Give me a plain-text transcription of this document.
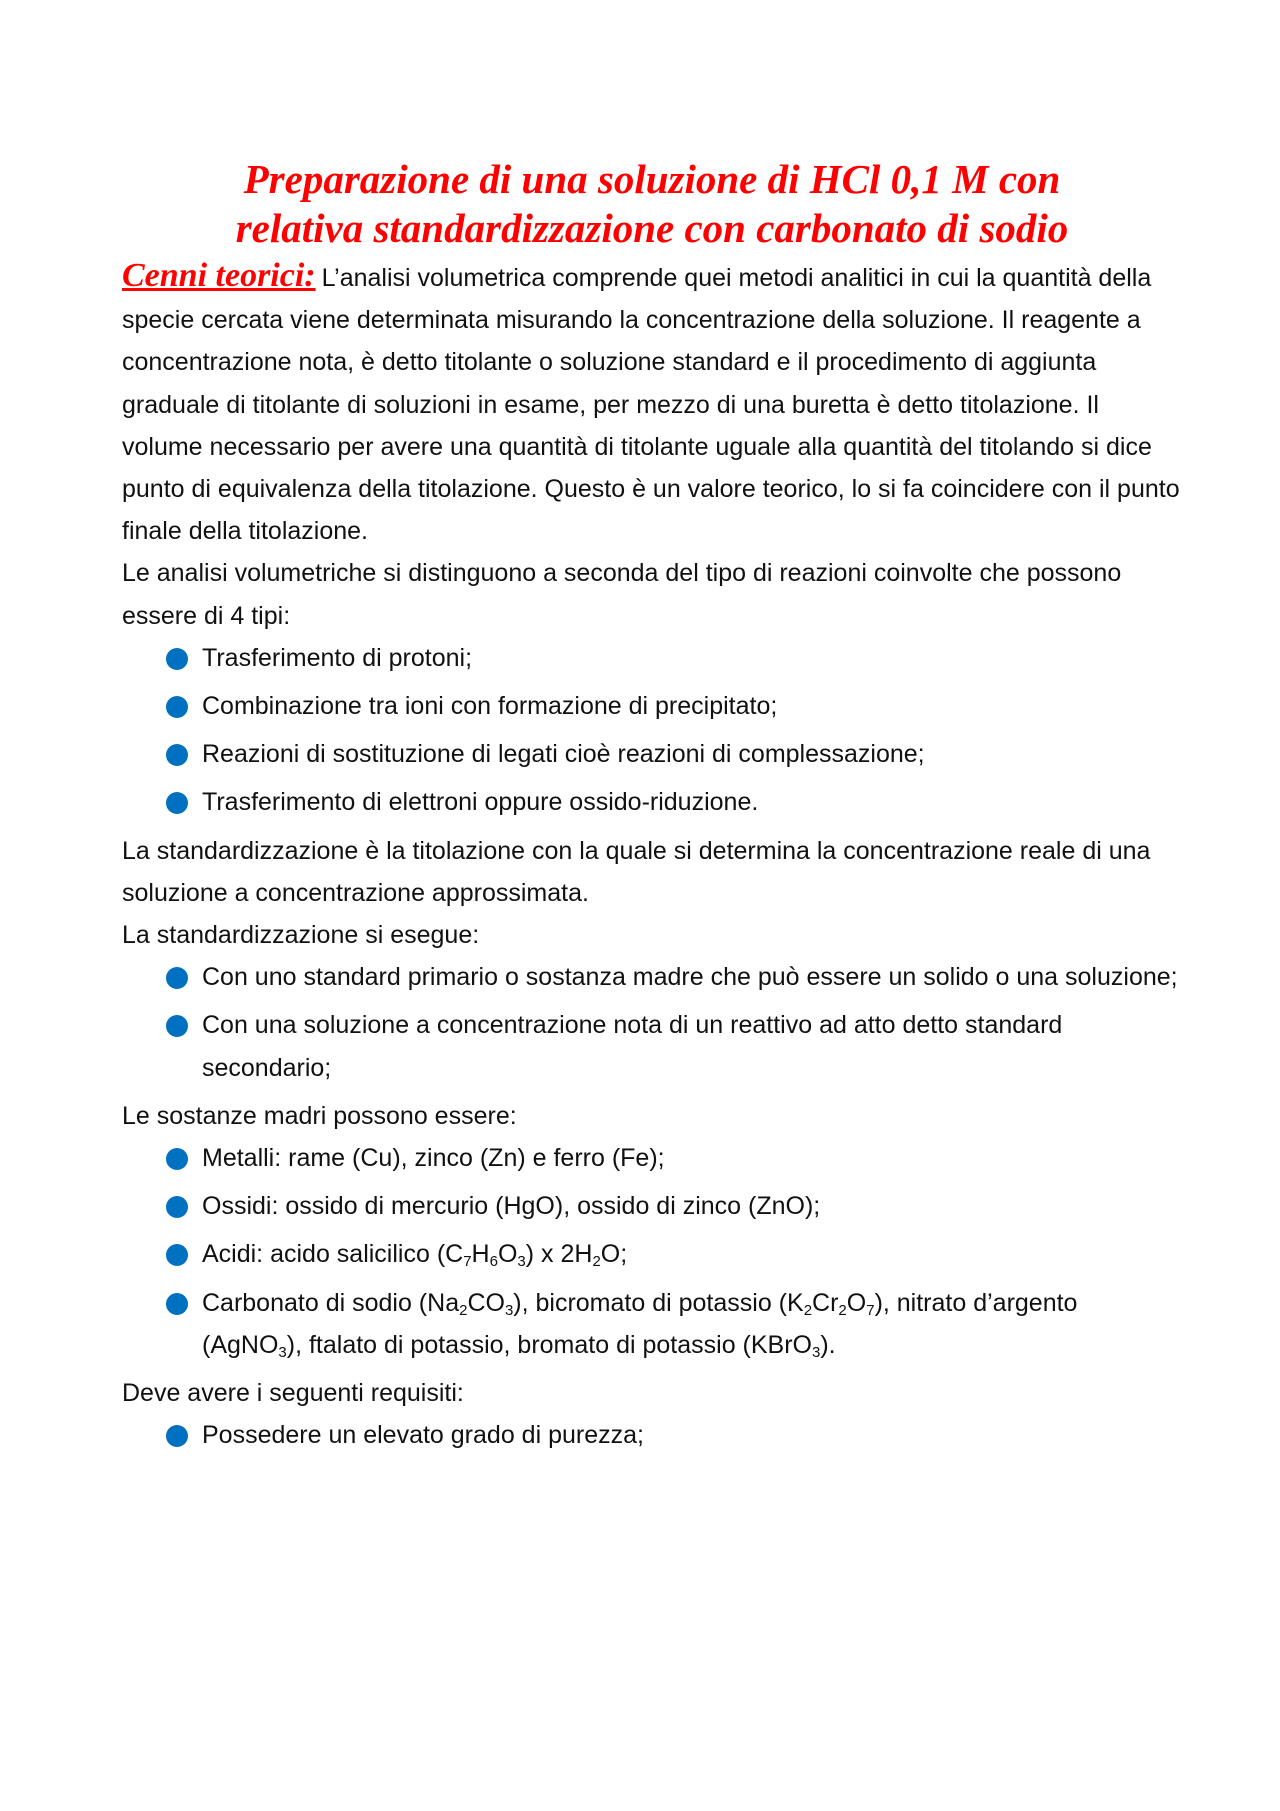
Preparazione di una soluzione di HCl 0,1 M con
relativa standardizzazione con carbonato di sodio

Cenni teorici: L’analisi volumetrica comprende quei metodi analitici in cui la quantità della specie cercata viene determinata misurando la concentrazione della soluzione. Il reagente a concentrazione nota, è detto titolante o soluzione standard e il procedimento di aggiunta graduale di titolante di soluzioni in esame, per mezzo di una buretta è detto titolazione. Il volume necessario per avere una quantità di titolante uguale alla quantità del titolando si dice punto di equivalenza della titolazione. Questo è un valore teorico, lo si fa coincidere con il punto finale della titolazione.

Le analisi volumetriche si distinguono a seconda del tipo di reazioni coinvolte che possono essere di 4 tipi:

Trasferimento di protoni;
Combinazione tra ioni con formazione di precipitato;
Reazioni di sostituzione di legati cioè reazioni di complessazione;
Trasferimento di elettroni oppure ossido-riduzione.

La standardizzazione è la titolazione con la quale si determina la concentrazione reale di una soluzione a concentrazione approssimata.

La standardizzazione si esegue:

Con uno standard primario o sostanza madre che può essere un solido o una soluzione;
Con una soluzione a concentrazione nota di un reattivo ad atto detto standard secondario;

Le sostanze madri possono essere:

Metalli: rame (Cu), zinco (Zn) e ferro (Fe);
Ossidi: ossido di mercurio (HgO), ossido di zinco (ZnO);
Acidi: acido salicilico $(C_7H_6O_3)$ x $2H_2O$;
Carbonato di sodio $(Na_2CO_3)$, bicromato di potassio $(K_2Cr_2O_7)$, nitrato d’argento (AgNO$_3$), ftalato di potassio, bromato di potassio (KBrO$_3$).

Deve avere i seguenti requisiti:

Possedere un elevato grado di purezza;
